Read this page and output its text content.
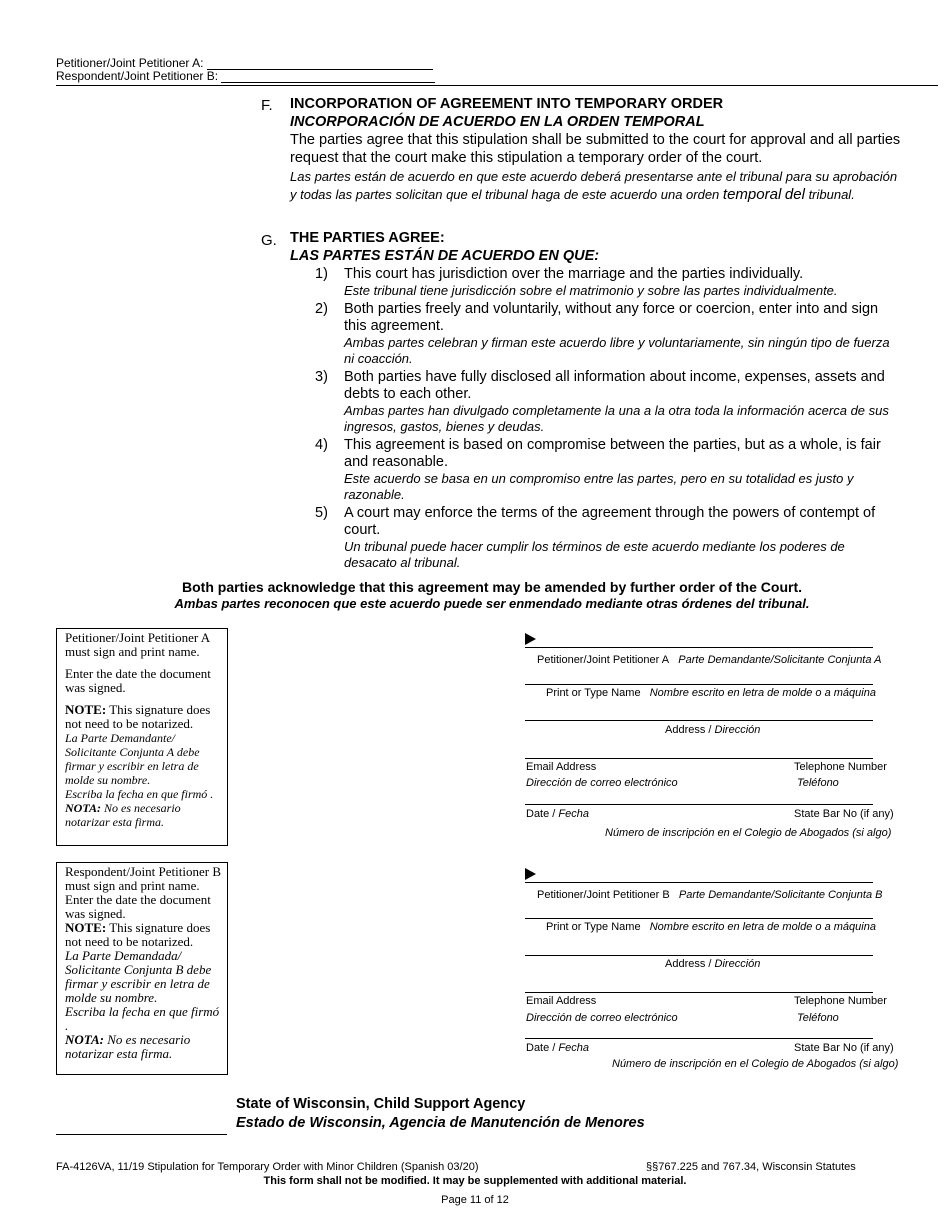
Petitioner/Joint Petitioner A:
Respondent/Joint Petitioner B:
F. INCORPORATION OF AGREEMENT INTO TEMPORARY ORDER
INCORPORACIÓN DE ACUERDO EN LA ORDEN TEMPORAL
The parties agree that this stipulation shall be submitted to the court for approval and all parties request that the court make this stipulation a temporary order of the court.
Las partes están de acuerdo en que este acuerdo deberá presentarse ante el tribunal para su aprobación y todas las partes solicitan que el tribunal haga de este acuerdo una orden temporal del tribunal.
G. THE PARTIES AGREE:
LAS PARTES ESTÁN DE ACUERDO EN QUE:
1) This court has jurisdiction over the marriage and the parties individually.
Este tribunal tiene jurisdicción sobre el matrimonio y sobre las partes individualmente.
2) Both parties freely and voluntarily, without any force or coercion, enter into and sign this agreement.
Ambas partes celebran y firman este acuerdo libre y voluntariamente, sin ningún tipo de fuerza ni coacción.
3) Both parties have fully disclosed all information about income, expenses, assets and debts to each other.
Ambas partes han divulgado completamente la una a la otra toda la información acerca de sus ingresos, gastos, bienes y deudas.
4) This agreement is based on compromise between the parties, but as a whole, is fair and reasonable.
Este acuerdo se basa en un compromiso entre las partes, pero en su totalidad es justo y razonable.
5) A court may enforce the terms of the agreement through the powers of contempt of court.
Un tribunal puede hacer cumplir los términos de este acuerdo mediante los poderes de desacato al tribunal.
Both parties acknowledge that this agreement may be amended by further order of the Court.
Ambas partes reconocen que este acuerdo puede ser enmendado mediante otras órdenes del tribunal.
Petitioner/Joint Petitioner A must sign and print name.
Enter the date the document was signed.
NOTE: This signature does not need to be notarized.
La Parte Demandante/ Solicitante Conjunta A debe firmar y escribir en letra de molde su nombre.
Escriba la fecha en que firmó .
NOTA: No es necesario notarizar esta firma.
Respondent/Joint Petitioner B must sign and print name.
Enter the date the document was signed.
NOTE: This signature does not need to be notarized.
La Parte Demandada/ Solicitante Conjunta B debe firmar y escribir en letra de molde su nombre.
Escriba la fecha en que firmó .
NOTA: No es necesario notarizar esta firma.
Petitioner/Joint Petitioner A Parte Demandante/Solicitante Conjunta A
Print or Type Name Nombre escrito en letra de molde o a máquina
Address / Dirección
Email Address	Telephone Number
Dirección de correo electrónico	Teléfono
Date / Fecha	State Bar No (if any)
Número de inscripción en el Colegio de Abogados (si algo)
Petitioner/Joint Petitioner B Parte Demandante/Solicitante Conjunta B
Print or Type Name Nombre escrito en letra de molde o a máquina
Address / Dirección
Email Address	Telephone Number
Dirección de correo electrónico	Teléfono
Date / Fecha	State Bar No (if any)
Número de inscripción en el Colegio de Abogados (si algo)
State of Wisconsin, Child Support Agency
Estado de Wisconsin, Agencia de Manutención de Menores
FA-4126VA, 11/19 Stipulation for Temporary Order with Minor Children (Spanish 03/20)	§§767.225 and 767.34, Wisconsin Statutes
This form shall not be modified. It may be supplemented with additional material.
Page 11 of 12
